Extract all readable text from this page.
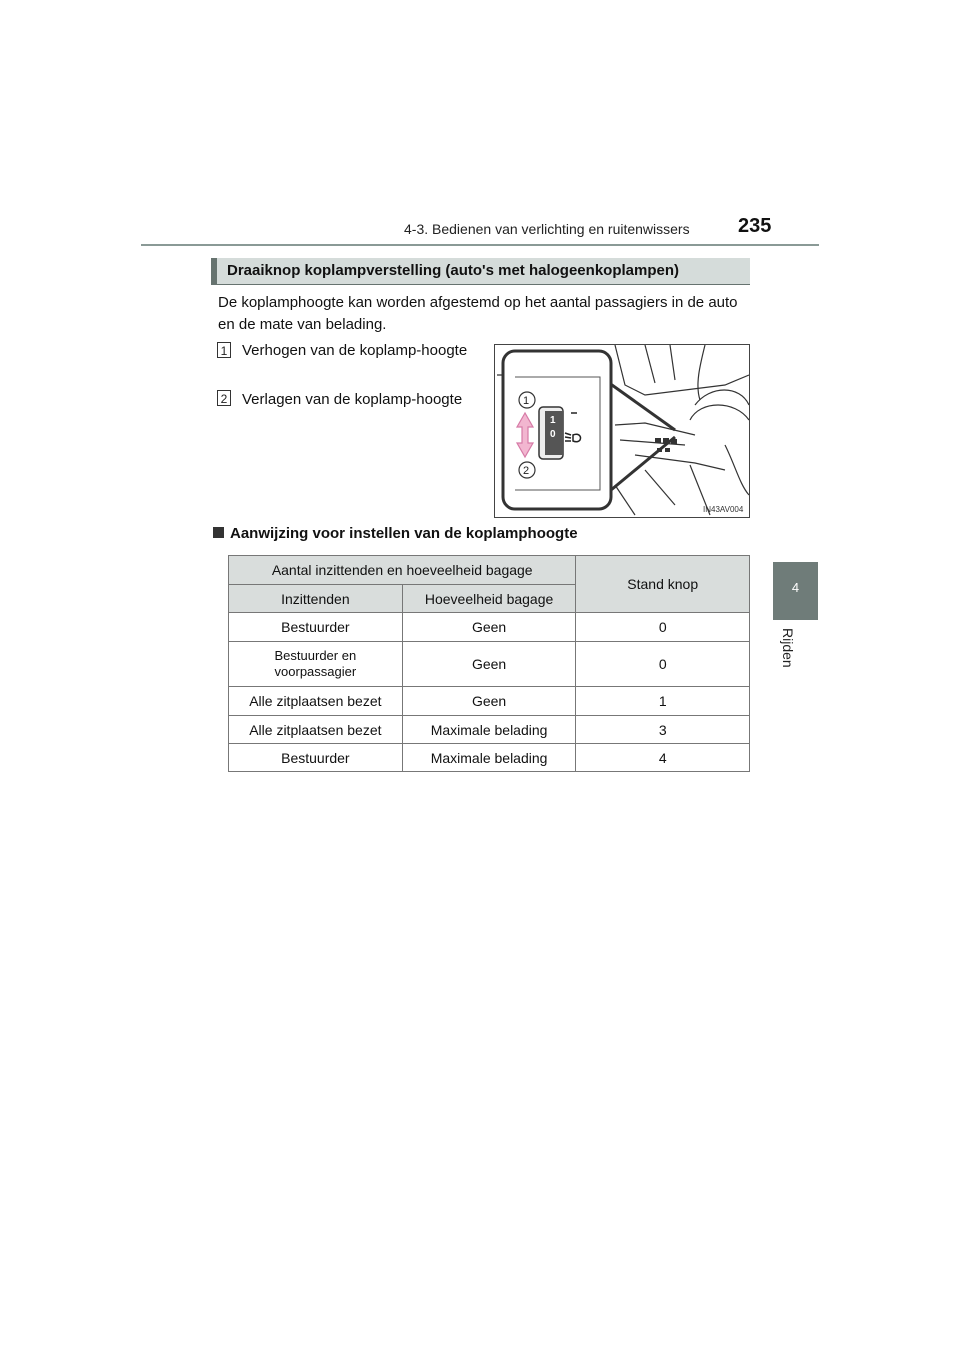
4-3. Bedienen van verlichting en ruitenwissers 235
4
Rijden
Draaiknop koplampverstelling (auto's met halogeenkoplampen)
De koplamphoogte kan worden afgestemd op het aantal passagiers in de auto en de mate van belading.
1 Verhogen van de koplamp-hoogte
2 Verlagen van de koplamp-hoogte
1
0
1
2
IN43AV004
Aanwijzing voor instellen van de koplamphoogte
Aantal inzittenden en hoeveelheid bagage		Stand knop
Inzittenden	Hoeveelheid bagage	
Bestuurder	Geen	0
Bestuurder en voorpassagier	Geen	0
Alle zitplaatsen bezet	Geen	1
Alle zitplaatsen bezet	Maximale belading	3
Bestuurder	Maximale belading	4
